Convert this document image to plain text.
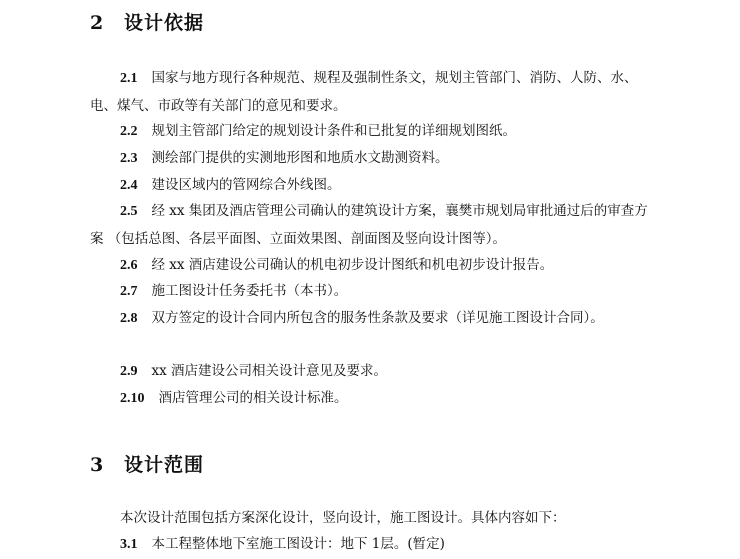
2 设计依据
2.1 国家与地方现行各种规范、规程及强制性条文，规划主管部门、消防、人防、水、电、煤气、市政等有关部门的意见和要求。
2.2 规划主管部门给定的规划设计条件和已批复的详细规划图纸。
2.3 测绘部门提供的实测地形图和地质水文勘测资料。
2.4 建设区域内的管网综合外线图。
2.5 经 xx 集团及酒店管理公司确认的建筑设计方案，襄樊市规划局审批通过后的审查方案 （包括总图、各层平面图、立面效果图、剖面图及竖向设计图等）。
2.6 经 xx 酒店建设公司确认的机电初步设计图纸和机电初步设计报告。
2.7 施工图设计任务委托书（本书）。
2.8 双方签定的设计合同内所包含的服务性条款及要求（详见施工图设计合同）。
2.9 xx 酒店建设公司相关设计意见及要求。
2.10 酒店管理公司的相关设计标准。
3 设计范围
本次设计范围包括方案深化设计，竖向设计，施工图设计。具体内容如下：
3.1 本工程整体地下室施工图设计：地下 1层。(暂定)
